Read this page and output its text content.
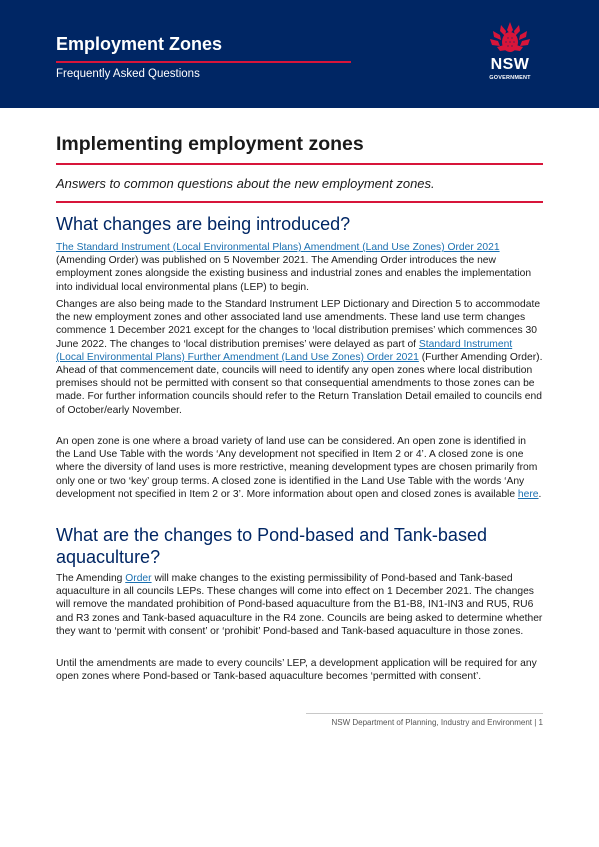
Employment Zones
Frequently Asked Questions
NSW
GOVERNMENT
Implementing employment zones
Answers to common questions about the new employment zones.
What changes are being introduced?

The Standard Instrument (Local Environmental Plans) Amendment (Land Use Zones) Order 2021 (Amending Order) was published on 5 November 2021. The Amending Order introduces the new employment zones alongside the existing business and industrial zones and enables the implementation into individual local environmental plans (LEP) to begin.

Changes are also being made to the Standard Instrument LEP Dictionary and Direction 5 to accommodate the new employment zones and other associated land use amendments. These land use term changes commence 1 December 2021 except for the changes to ‘local distribution premises’ which commences 30 June 2022. The changes to ‘local distribution premises’ were delayed as part of Standard Instrument (Local Environmental Plans) Further Amendment (Land Use Zones) Order 2021 (Further Amending Order). Ahead of that commencement date, councils will need to identify any open zones where local distribution premises should not be permitted with consent so that consequential amendments to those zones can be made. For further information councils should refer to the Return Translation Detail emailed to councils end of October/early November.

An open zone is one where a broad variety of land use can be considered. An open zone is identified in the Land Use Table with the words ‘Any development not specified in Item 2 or 4’. A closed zone is one where the diversity of land uses is more restrictive, meaning development types are chosen primarily from only one or two ‘key’ group terms. A closed zone is identified in the Land Use Table with the words ‘Any development not specified in Item 2 or 3’. More information about open and closed zones is available here.

What are the changes to Pond-based and Tank-based aquaculture?

The Amending Order will make changes to the existing permissibility of Pond-based and Tank-based aquaculture in all councils LEPs. These changes will come into effect on 1 December 2021. The changes will remove the mandated prohibition of Pond-based aquaculture from the B1-B8, IN1-IN3 and RU5, RU6 and R3 zones and Tank-based aquaculture in the R4 zone. Councils are being asked to determine whether they want to ‘permit with consent’ or ‘prohibit’ Pond-based and Tank-based aquaculture in those zones.

Until the amendments are made to every councils’ LEP, a development application will be required for any open zones where Pond-based or Tank-based aquaculture becomes ‘permitted with consent’.

NSW Department of Planning, Industry and Environment | 1
